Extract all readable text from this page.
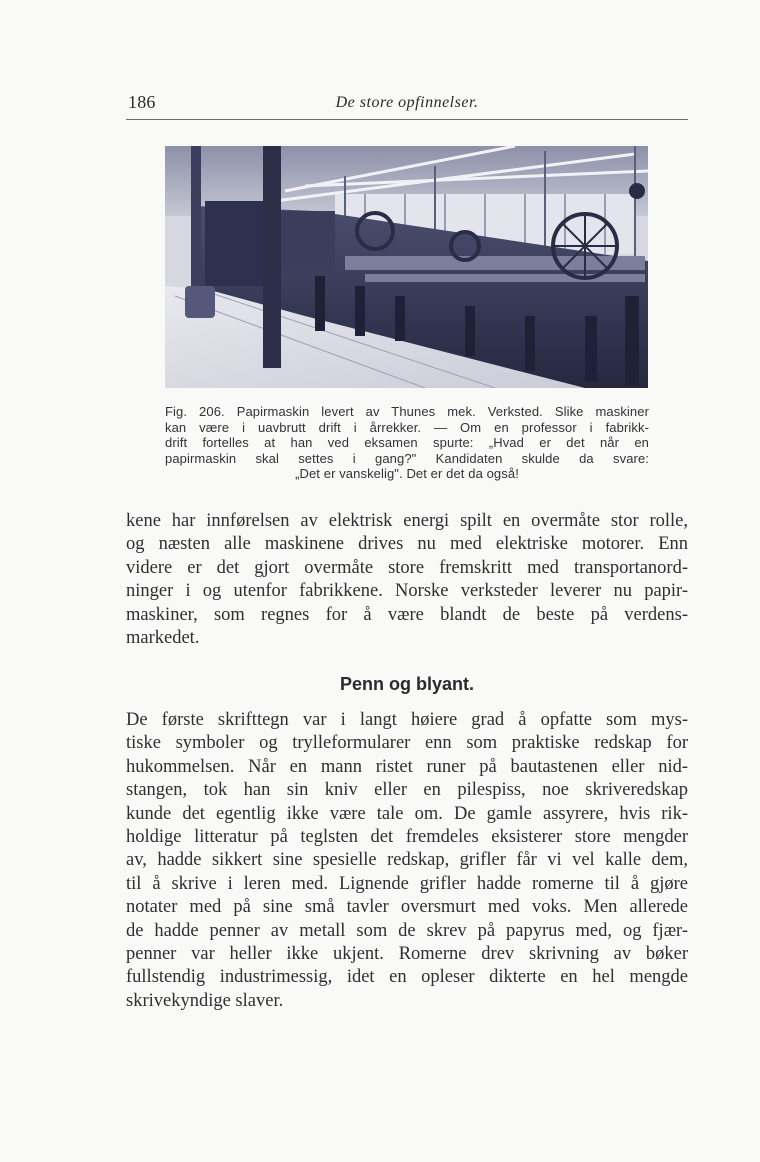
186	De store opfinnelser.
Fig. 206. Papirmaskin levert av Thunes mek. Verksted. Slike maskiner
kan være i uavbrutt drift i årrekker. — Om en professor i fabrikk-
drift fortelles at han ved eksamen spurte: „Hvad er det når en
papirmaskin skal settes i gang?" Kandidaten skulde da svare:
„Det er vanskelig". Det er det da også!
kene har innførelsen av elektrisk energi spilt en overmåte stor rolle,
og næsten alle maskinene drives nu med elektriske motorer. Enn
videre er det gjort overmåte store fremskritt med transportanord-
ninger i og utenfor fabrikkene. Norske verksteder leverer nu papir-
maskiner, som regnes for å være blandt de beste på verdens-
markedet.
Penn og blyant.
De første skrifttegn var i langt høiere grad å opfatte som mys-
tiske symboler og trylleformularer enn som praktiske redskap for
hukommelsen. Når en mann ristet runer på bautastenen eller nid-
stangen, tok han sin kniv eller en pilespiss, noe skriveredskap
kunde det egentlig ikke være tale om. De gamle assyrere, hvis rik-
holdige litteratur på teglsten det fremdeles eksisterer store mengder
av, hadde sikkert sine spesielle redskap, grifler får vi vel kalle dem,
til å skrive i leren med. Lignende grifler hadde romerne til å gjøre
notater med på sine små tavler oversmurt med voks. Men allerede
de hadde penner av metall som de skrev på papyrus med, og fjær-
penner var heller ikke ukjent. Romerne drev skrivning av bøker
fullstendig industrimessig, idet en opleser dikterte en hel mengde
skrivekyndige slaver.
